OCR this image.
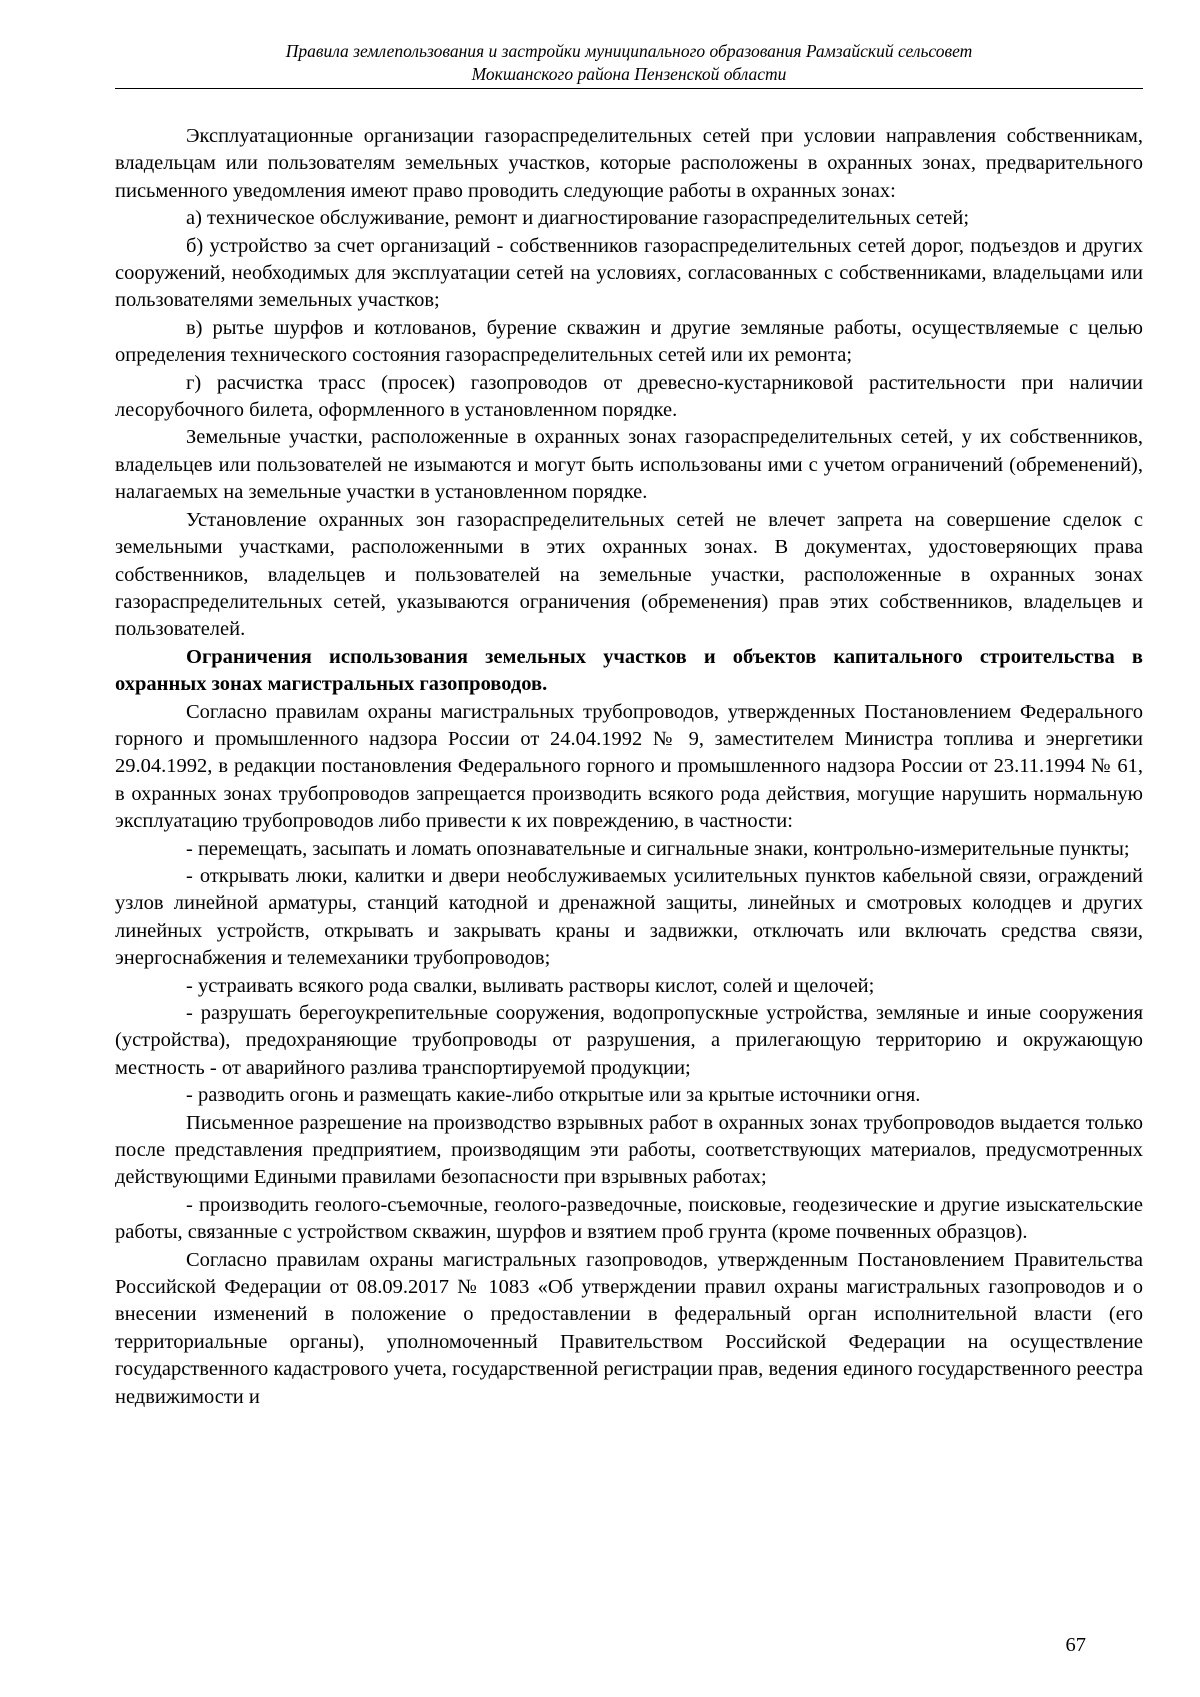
Правила землепользования и застройки муниципального образования Рамзайский сельсовет
Мокшанского района Пензенской области

Эксплуатационные организации газораспределительных сетей при условии направления собственникам, владельцам или пользователям земельных участков, которые расположены в охранных зонах, предварительного письменного уведомления имеют право проводить следующие работы в охранных зонах:

а) техническое обслуживание, ремонт и диагностирование газораспределительных сетей;

б) устройство за счет организаций - собственников газораспределительных сетей дорог, подъездов и других сооружений, необходимых для эксплуатации сетей на условиях, согласованных с собственниками, владельцами или пользователями земельных участков;

в) рытье шурфов и котлованов, бурение скважин и другие земляные работы, осуществляемые с целью определения технического состояния газораспределительных сетей или их ремонта;

г) расчистка трасс (просек) газопроводов от древесно-кустарниковой растительности при наличии лесорубочного билета, оформленного в установленном порядке.

Земельные участки, расположенные в охранных зонах газораспределительных сетей, у их собственников, владельцев или пользователей не изымаются и могут быть использованы ими с учетом ограничений (обременений), налагаемых на земельные участки в установленном порядке.

Установление охранных зон газораспределительных сетей не влечет запрета на совершение сделок с земельными участками, расположенными в этих охранных зонах. В документах, удостоверяющих права собственников, владельцев и пользователей на земельные участки, расположенные в охранных зонах газораспределительных сетей, указываются ограничения (обременения) прав этих собственников, владельцев и пользователей.

Ограничения использования земельных участков и объектов капитального строительства в охранных зонах магистральных газопроводов.

Согласно правилам охраны магистральных трубопроводов, утвержденных Постановлением Федерального горного и промышленного надзора России от 24.04.1992 № 9, заместителем Министра топлива и энергетики 29.04.1992, в редакции постановления Федерального горного и промышленного надзора России от 23.11.1994 № 61, в охранных зонах трубопроводов запрещается производить всякого рода действия, могущие нарушить нормальную эксплуатацию трубопроводов либо привести к их повреждению, в частности:

- перемещать, засыпать и ломать опознавательные и сигнальные знаки, контрольно-измерительные пункты;

- открывать люки, калитки и двери необслуживаемых усилительных пунктов кабельной связи, ограждений узлов линейной арматуры, станций катодной и дренажной защиты, линейных и смотровых колодцев и других линейных устройств, открывать и закрывать краны и задвижки, отключать или включать средства связи, энергоснабжения и телемеханики трубопроводов;

- устраивать всякого рода свалки, выливать растворы кислот, солей и щелочей;

- разрушать берегоукрепительные сооружения, водопропускные устройства, земляные и иные сооружения (устройства), предохраняющие трубопроводы от разрушения, а прилегающую территорию и окружающую местность - от аварийного разлива транспортируемой продукции;

- разводить огонь и размещать какие-либо открытые или за крытые источники огня.

Письменное разрешение на производство взрывных работ в охранных зонах трубопроводов выдается только после представления предприятием, производящим эти работы, соответствующих материалов, предусмотренных действующими Едиными правилами безопасности при взрывных работах;

- производить геолого-съемочные, геолого-разведочные, поисковые, геодезические и другие изыскательские работы, связанные с устройством скважин, шурфов и взятием проб грунта (кроме почвенных образцов).

Согласно правилам охраны магистральных газопроводов, утвержденным Постановлением Правительства Российской Федерации от 08.09.2017 № 1083 «Об утверждении правил охраны магистральных газопроводов и о внесении изменений в положение о предоставлении в федеральный орган исполнительной власти (его территориальные органы), уполномоченный Правительством Российской Федерации на осуществление государственного кадастрового учета, государственной регистрации прав, ведения единого государственного реестра недвижимости и

67
